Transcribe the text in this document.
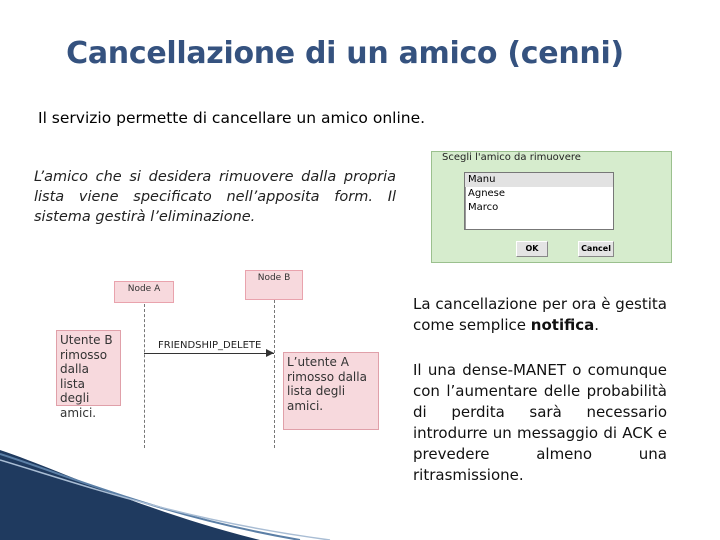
Cancellazione di un amico (cenni)
Il servizio permette di cancellare un amico online.
L’amico che si desidera rimuovere dalla propria lista viene specificato nell’apposita form. Il sistema gestirà l’eliminazione.
Scegli l'amico da rimuovere
Manu
Agnese
Marco
OK	Cancel
Node A
Node B
Utente B rimosso dalla lista degli amici.
L’utente A rimosso dalla lista degli amici.
FRIENDSHIP_DELETE
La cancellazione per ora è gestita come semplice notifica.
Il una dense-MANET o comunque con l’aumentare delle probabilità di perdita sarà necessario introdurre un messaggio di ACK e prevedere almeno una ritrasmissione.
